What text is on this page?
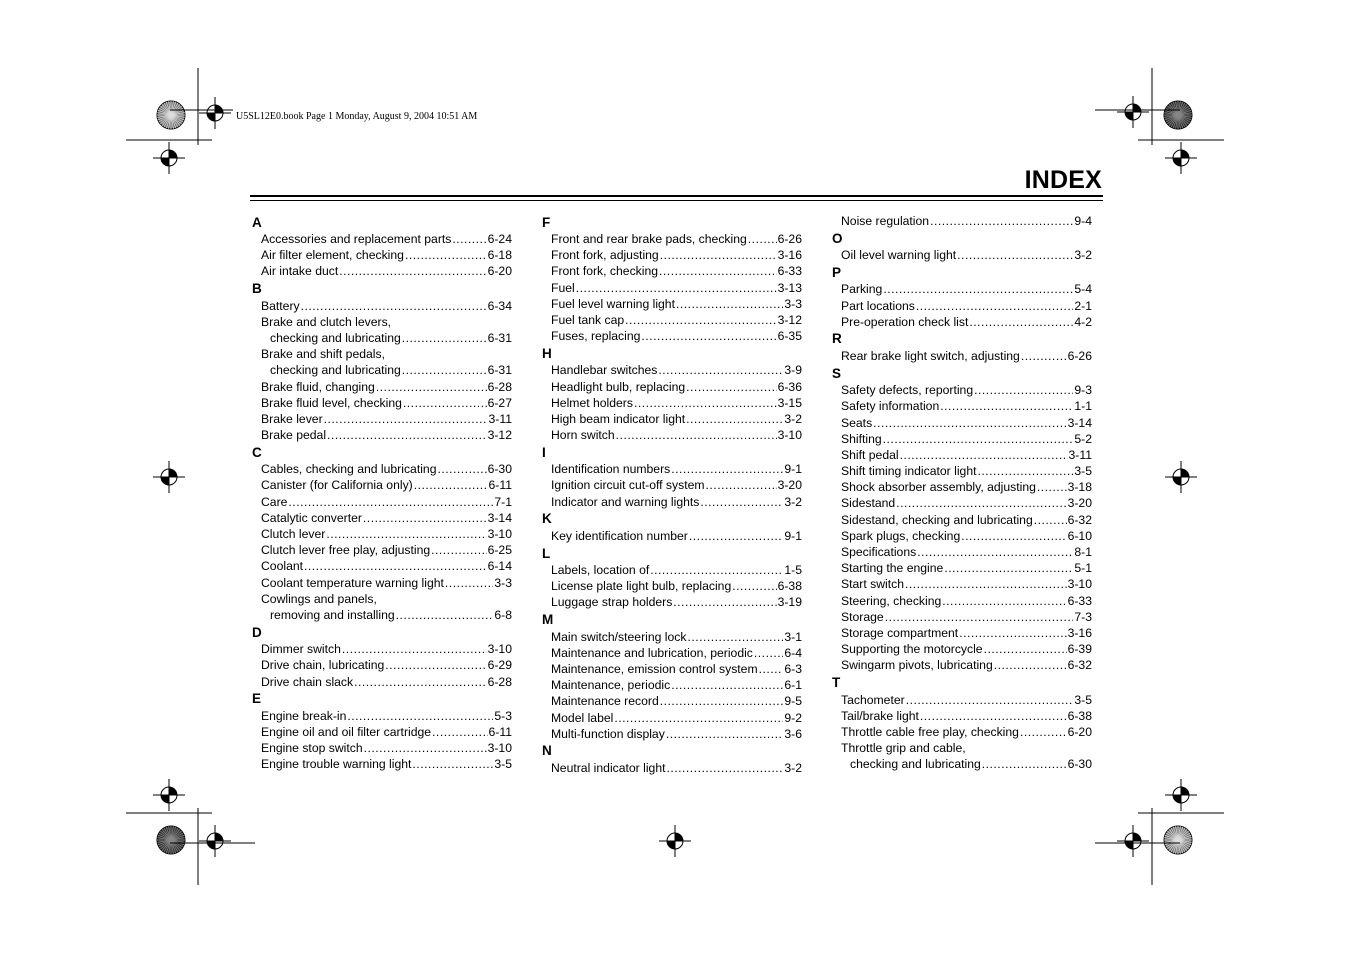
U5SL12E0.book Page 1 Monday, August 9, 2004 10:51 AM
INDEX
A
Accessories and replacement parts .....	6-24
Air filter element, checking .....	6-18
Air intake duct .....	6-20
B
Battery .....	6-34
Brake and clutch levers,
checking and lubricating .....	6-31
Brake and shift pedals,
checking and lubricating .....	6-31
Brake fluid, changing .....	6-28
Brake fluid level, checking .....	6-27
Brake lever .....	3-11
Brake pedal .....	3-12
C
Cables, checking and lubricating .....	6-30
Canister (for California only) .....	6-11
Care .....	7-1
Catalytic converter .....	3-14
Clutch lever .....	3-10
Clutch lever free play, adjusting .....	6-25
Coolant .....	6-14
Coolant temperature warning light .....	3-3
Cowlings and panels,
removing and installing .....	6-8
D
Dimmer switch .....	3-10
Drive chain, lubricating .....	6-29
Drive chain slack .....	6-28
E
Engine break-in .....	5-3
Engine oil and oil filter cartridge .....	6-11
Engine stop switch .....	3-10
Engine trouble warning light .....	3-5
F
Front and rear brake pads, checking .....	6-26
Front fork, adjusting .....	3-16
Front fork, checking .....	6-33
Fuel .....	3-13
Fuel level warning light .....	3-3
Fuel tank cap .....	3-12
Fuses, replacing .....	6-35
H
Handlebar switches .....	3-9
Headlight bulb, replacing .....	6-36
Helmet holders .....	3-15
High beam indicator light .....	3-2
Horn switch .....	3-10
I
Identification numbers .....	9-1
Ignition circuit cut-off system .....	3-20
Indicator and warning lights .....	3-2
K
Key identification number .....	9-1
L
Labels, location of .....	1-5
License plate light bulb, replacing .....	6-38
Luggage strap holders .....	3-19
M
Main switch/steering lock .....	3-1
Maintenance and lubrication, periodic .....	6-4
Maintenance, emission control system ..... 6-3
Maintenance, periodic .....	6-1
Maintenance record .....	9-5
Model label .....	9-2
Multi-function display .....	3-6
N
Neutral indicator light .....	3-2
Noise regulation .....	9-4
O
Oil level warning light .....	3-2
P
Parking .....	5-4
Part locations .....	2-1
Pre-operation check list .....	4-2
R
Rear brake light switch, adjusting .....	6-26
S
Safety defects, reporting .....	9-3
Safety information .....	1-1
Seats .....	3-14
Shifting .....	5-2
Shift pedal .....	3-11
Shift timing indicator light .....	3-5
Shock absorber assembly, adjusting .....	3-18
Sidestand .....	3-20
Sidestand, checking and lubricating .....	6-32
Spark plugs, checking .....	6-10
Specifications .....	8-1
Starting the engine .....	5-1
Start switch .....	3-10
Steering, checking .....	6-33
Storage .....	7-3
Storage compartment .....	3-16
Supporting the motorcycle .....	6-39
Swingarm pivots, lubricating .....	6-32
T
Tachometer .....	3-5
Tail/brake light .....	6-38
Throttle cable free play, checking .....	6-20
Throttle grip and cable,
checking and lubricating .....	6-30
